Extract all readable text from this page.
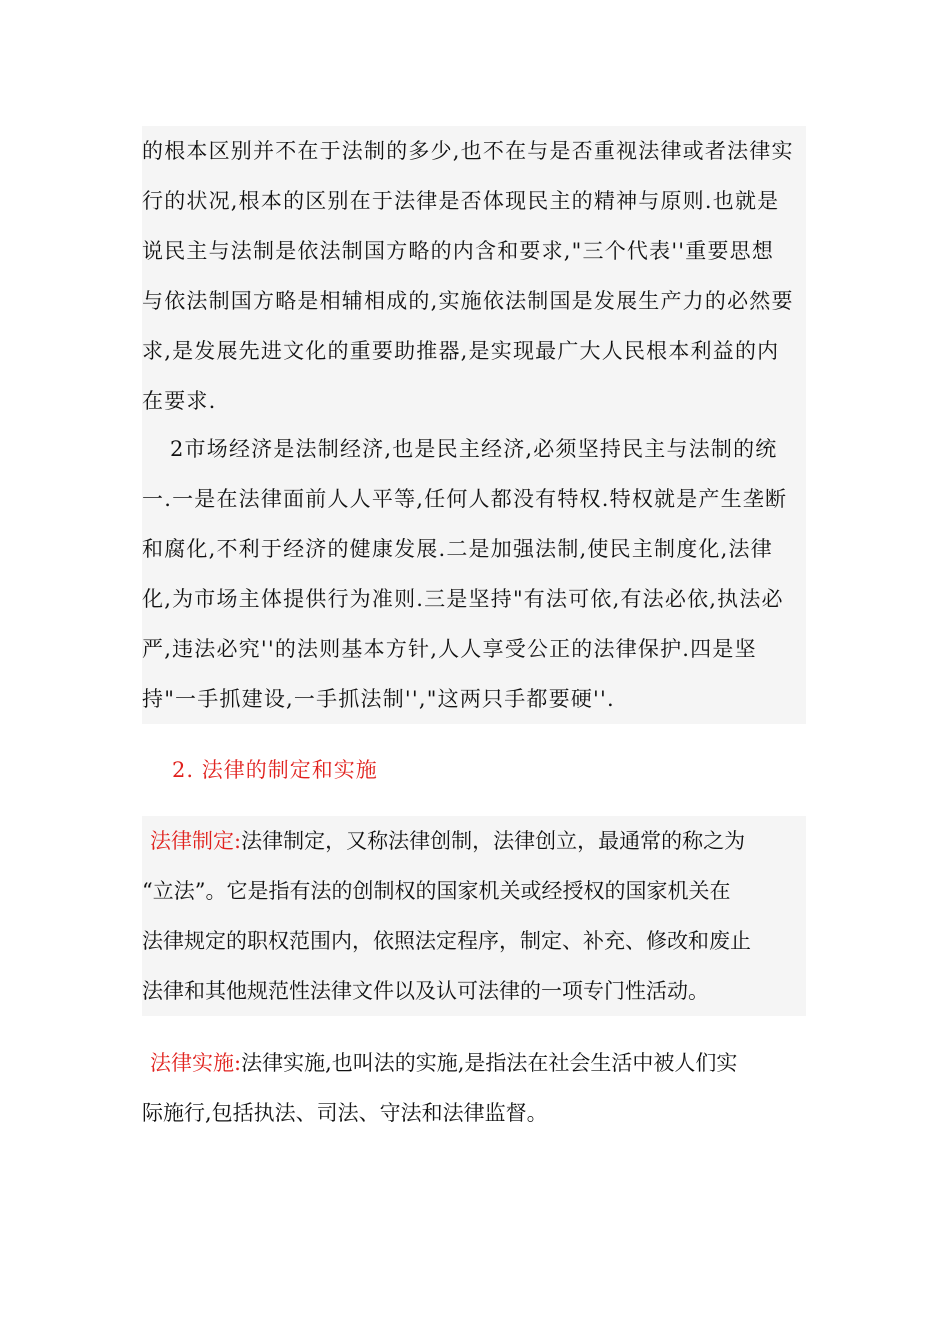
的根本区别并不在于法制的多少,也不在与是否重视法律或者法律实
行的状况,根本的区别在于法律是否体现民主的精神与原则.也就是
说民主与法制是依法制国方略的内含和要求,"三个代表''重要思想
与依法制国方略是相辅相成的,实施依法制国是发展生产力的必然要
求,是发展先进文化的重要助推器,是实现最广大人民根本利益的内
在要求.
2市场经济是法制经济,也是民主经济,必须坚持民主与法制的统
一.一是在法律面前人人平等,任何人都没有特权.特权就是产生垄断
和腐化,不利于经济的健康发展.二是加强法制,使民主制度化,法律
化,为市场主体提供行为准则.三是坚持"有法可依,有法必依,执法必
严,违法必究''的法则基本方针,人人享受公正的法律保护.四是坚
持"一手抓建设,一手抓法制'',"这两只手都要硬''.
2. 法律的制定和实施
法律制定:法律制定，又称法律创制，法律创立，最通常的称之为
“立法”。它是指有法的创制权的国家机关或经授权的国家机关在
法律规定的职权范围内，依照法定程序，制定、补充、修改和废止
法律和其他规范性法律文件以及认可法律的一项专门性活动。
法律实施:法律实施,也叫法的实施,是指法在社会生活中被人们实
际施行,包括执法、司法、守法和法律监督。
